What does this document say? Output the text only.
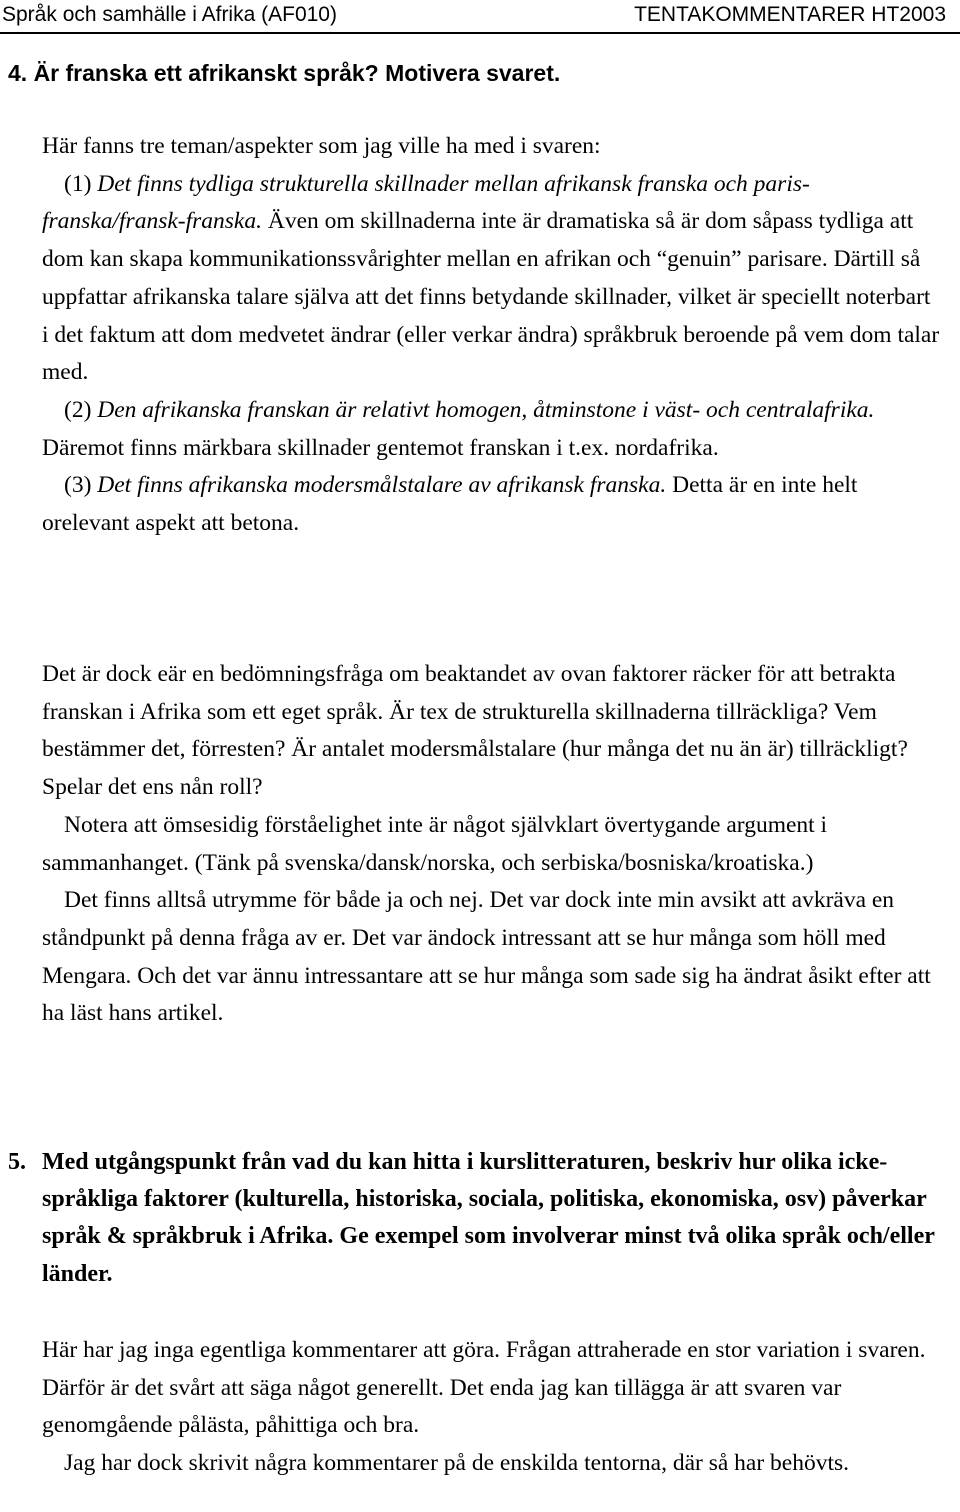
Språk och samhälle i Afrika (AF010)	TENTAKOMMENTARER HT2003
4. Är franska ett afrikanskt språk? Motivera svaret.

Här fanns tre teman/aspekter som jag ville ha med i svaren:

(1) Det finns tydliga strukturella skillnader mellan afrikansk franska och paris-franska/fransk-franska. Även om skillnaderna inte är dramatiska så är dom såpass tydliga att dom kan skapa kommunikationssvårighter mellan en afrikan och “genuin” parisare. Därtill så uppfattar afrikanska talare själva att det finns betydande skillnader, vilket är speciellt noterbart i det faktum att dom medvetet ändrar (eller verkar ändra) språkbruk beroende på vem dom talar med.

(2) Den afrikanska franskan är relativt homogen, åtminstone i väst- och centralafrika. Däremot finns märkbara skillnader gentemot franskan i t.ex. nordafrika.

(3) Det finns afrikanska modersmålstalare av afrikansk franska. Detta är en inte helt orelevant aspekt att betona.

Det är dock eär en bedömningsfråga om beaktandet av ovan faktorer räcker för att betrakta franskan i Afrika som ett eget språk. Är tex de strukturella skillnaderna tillräckliga? Vem bestämmer det, förresten? Är antalet modersmålstalare (hur många det nu än är) tillräckligt? Spelar det ens nån roll?

Notera att ömsesidig förståelighet inte är något självklart övertygande argument i sammanhanget. (Tänk på svenska/dansk/norska, och serbiska/bosniska/kroatiska.)

Det finns alltså utrymme för både ja och nej. Det var dock inte min avsikt att avkräva en ståndpunkt på denna fråga av er. Det var ändock intressant att se hur många som höll med Mengara. Och det var ännu intressantare att se hur många som sade sig ha ändrat åsikt efter att ha läst hans artikel.

5. Med utgångspunkt från vad du kan hitta i kurslitteraturen, beskriv hur olika icke-språkliga faktorer (kulturella, historiska, sociala, politiska, ekonomiska, osv) påverkar språk & språkbruk i Afrika. Ge exempel som involverar minst två olika språk och/eller länder.

Här har jag inga egentliga kommentarer att göra. Frågan attraherade en stor variation i svaren. Därför är det svårt att säga något generellt. Det enda jag kan tillägga är att svaren var genomgående pålästa, påhittiga och bra.

Jag har dock skrivit några kommentarer på de enskilda tentorna, där så har behövts.
